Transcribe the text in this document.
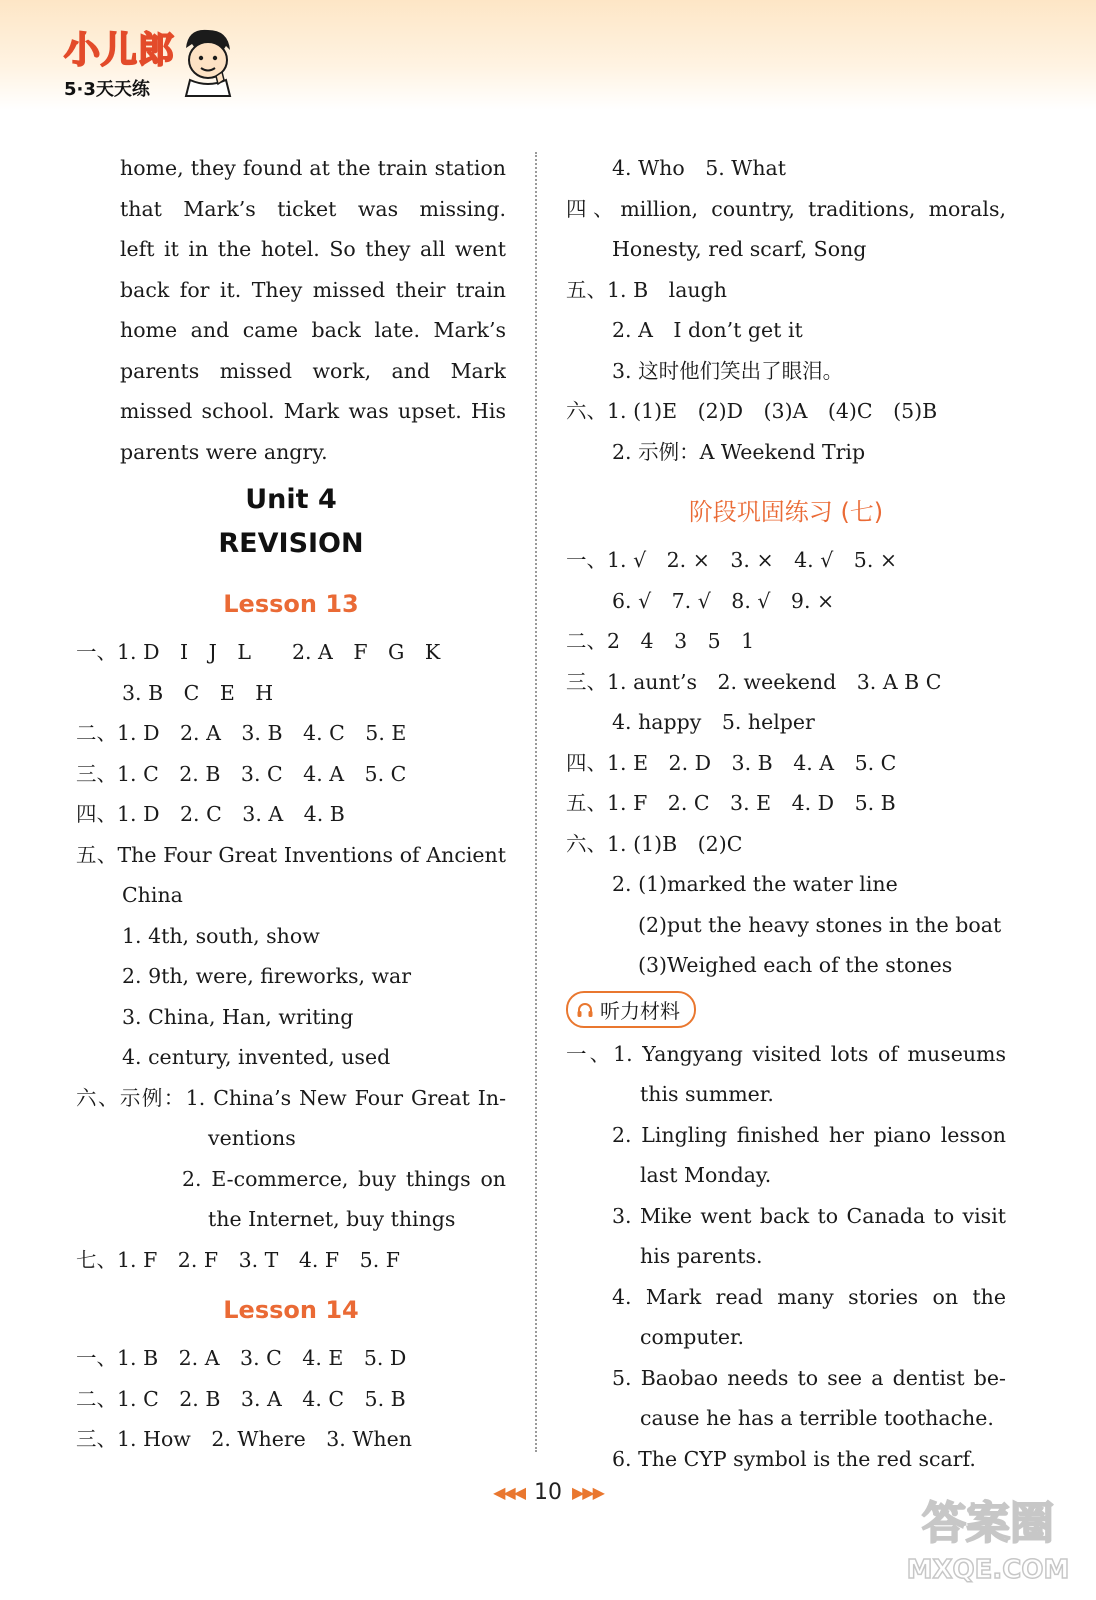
小儿郎
5·3天天练
home, they found at the train station
that Mark’s ticket was missing.
left it in the hotel. So they all went
back for it. They missed their train
home and came back late. Mark’s
parents missed work, and Mark
missed school. Mark was upset. His
parents were angry.
Unit 4
REVISION
Lesson 13
一、1. D　I　J　L　　2. A　F　G　K
3. B　C　E　H
二、1. D　2. A　3. B　4. C　5. E
三、1. C　2. B　3. C　4. A　5. C
四、1. D　2. C　3. A　4. B
五、The Four Great Inventions of Ancient
China
1. 4th, south, show
2. 9th, were, fireworks, war
3. China, Han, writing
4. century, invented, used
六、示例：1. China’s New Four Great In-
ventions
2. E-commerce, buy things on
the Internet, buy things
七、1. F　2. F　3. T　4. F　5. F
Lesson 14
一、1. B　2. A　3. C　4. E　5. D
二、1. C　2. B　3. A　4. C　5. B
三、1. How　2. Where　3. When
4. Who　5. What
四、million, country, traditions, morals,
Honesty, red scarf, Song
五、1. B　laugh
2. A　I don’t get it
3. 这时他们笑出了眼泪。
六、1. (1)E　(2)D　(3)A　(4)C　(5)B
2. 示例：A Weekend Trip
阶段巩固练习 (七)
一、1. √　2. ×　3. ×　4. √　5. ×
6. √　7. √　8. √　9. ×
二、2　4　3　5　1
三、1. aunt’s　2. weekend　3. A B C
4. happy　5. helper
四、1. E　2. D　3. B　4. A　5. C
五、1. F　2. C　3. E　4. D　5. B
六、1. (1)B　(2)C
2. (1)marked the water line
(2)put the heavy stones in the boat
(3)Weighed each of the stones
听力材料
一、1. Yangyang visited lots of museums
this summer.
2. Lingling finished her piano lesson
last Monday.
3. Mike went back to Canada to visit
his parents.
4. Mark read many stories on the
computer.
5. Baobao needs to see a dentist be-
cause he has a terrible toothache.
6. The CYP symbol is the red scarf.
◀◀◀ 10 ▶▶▶
答案圈
MXQE.COM
